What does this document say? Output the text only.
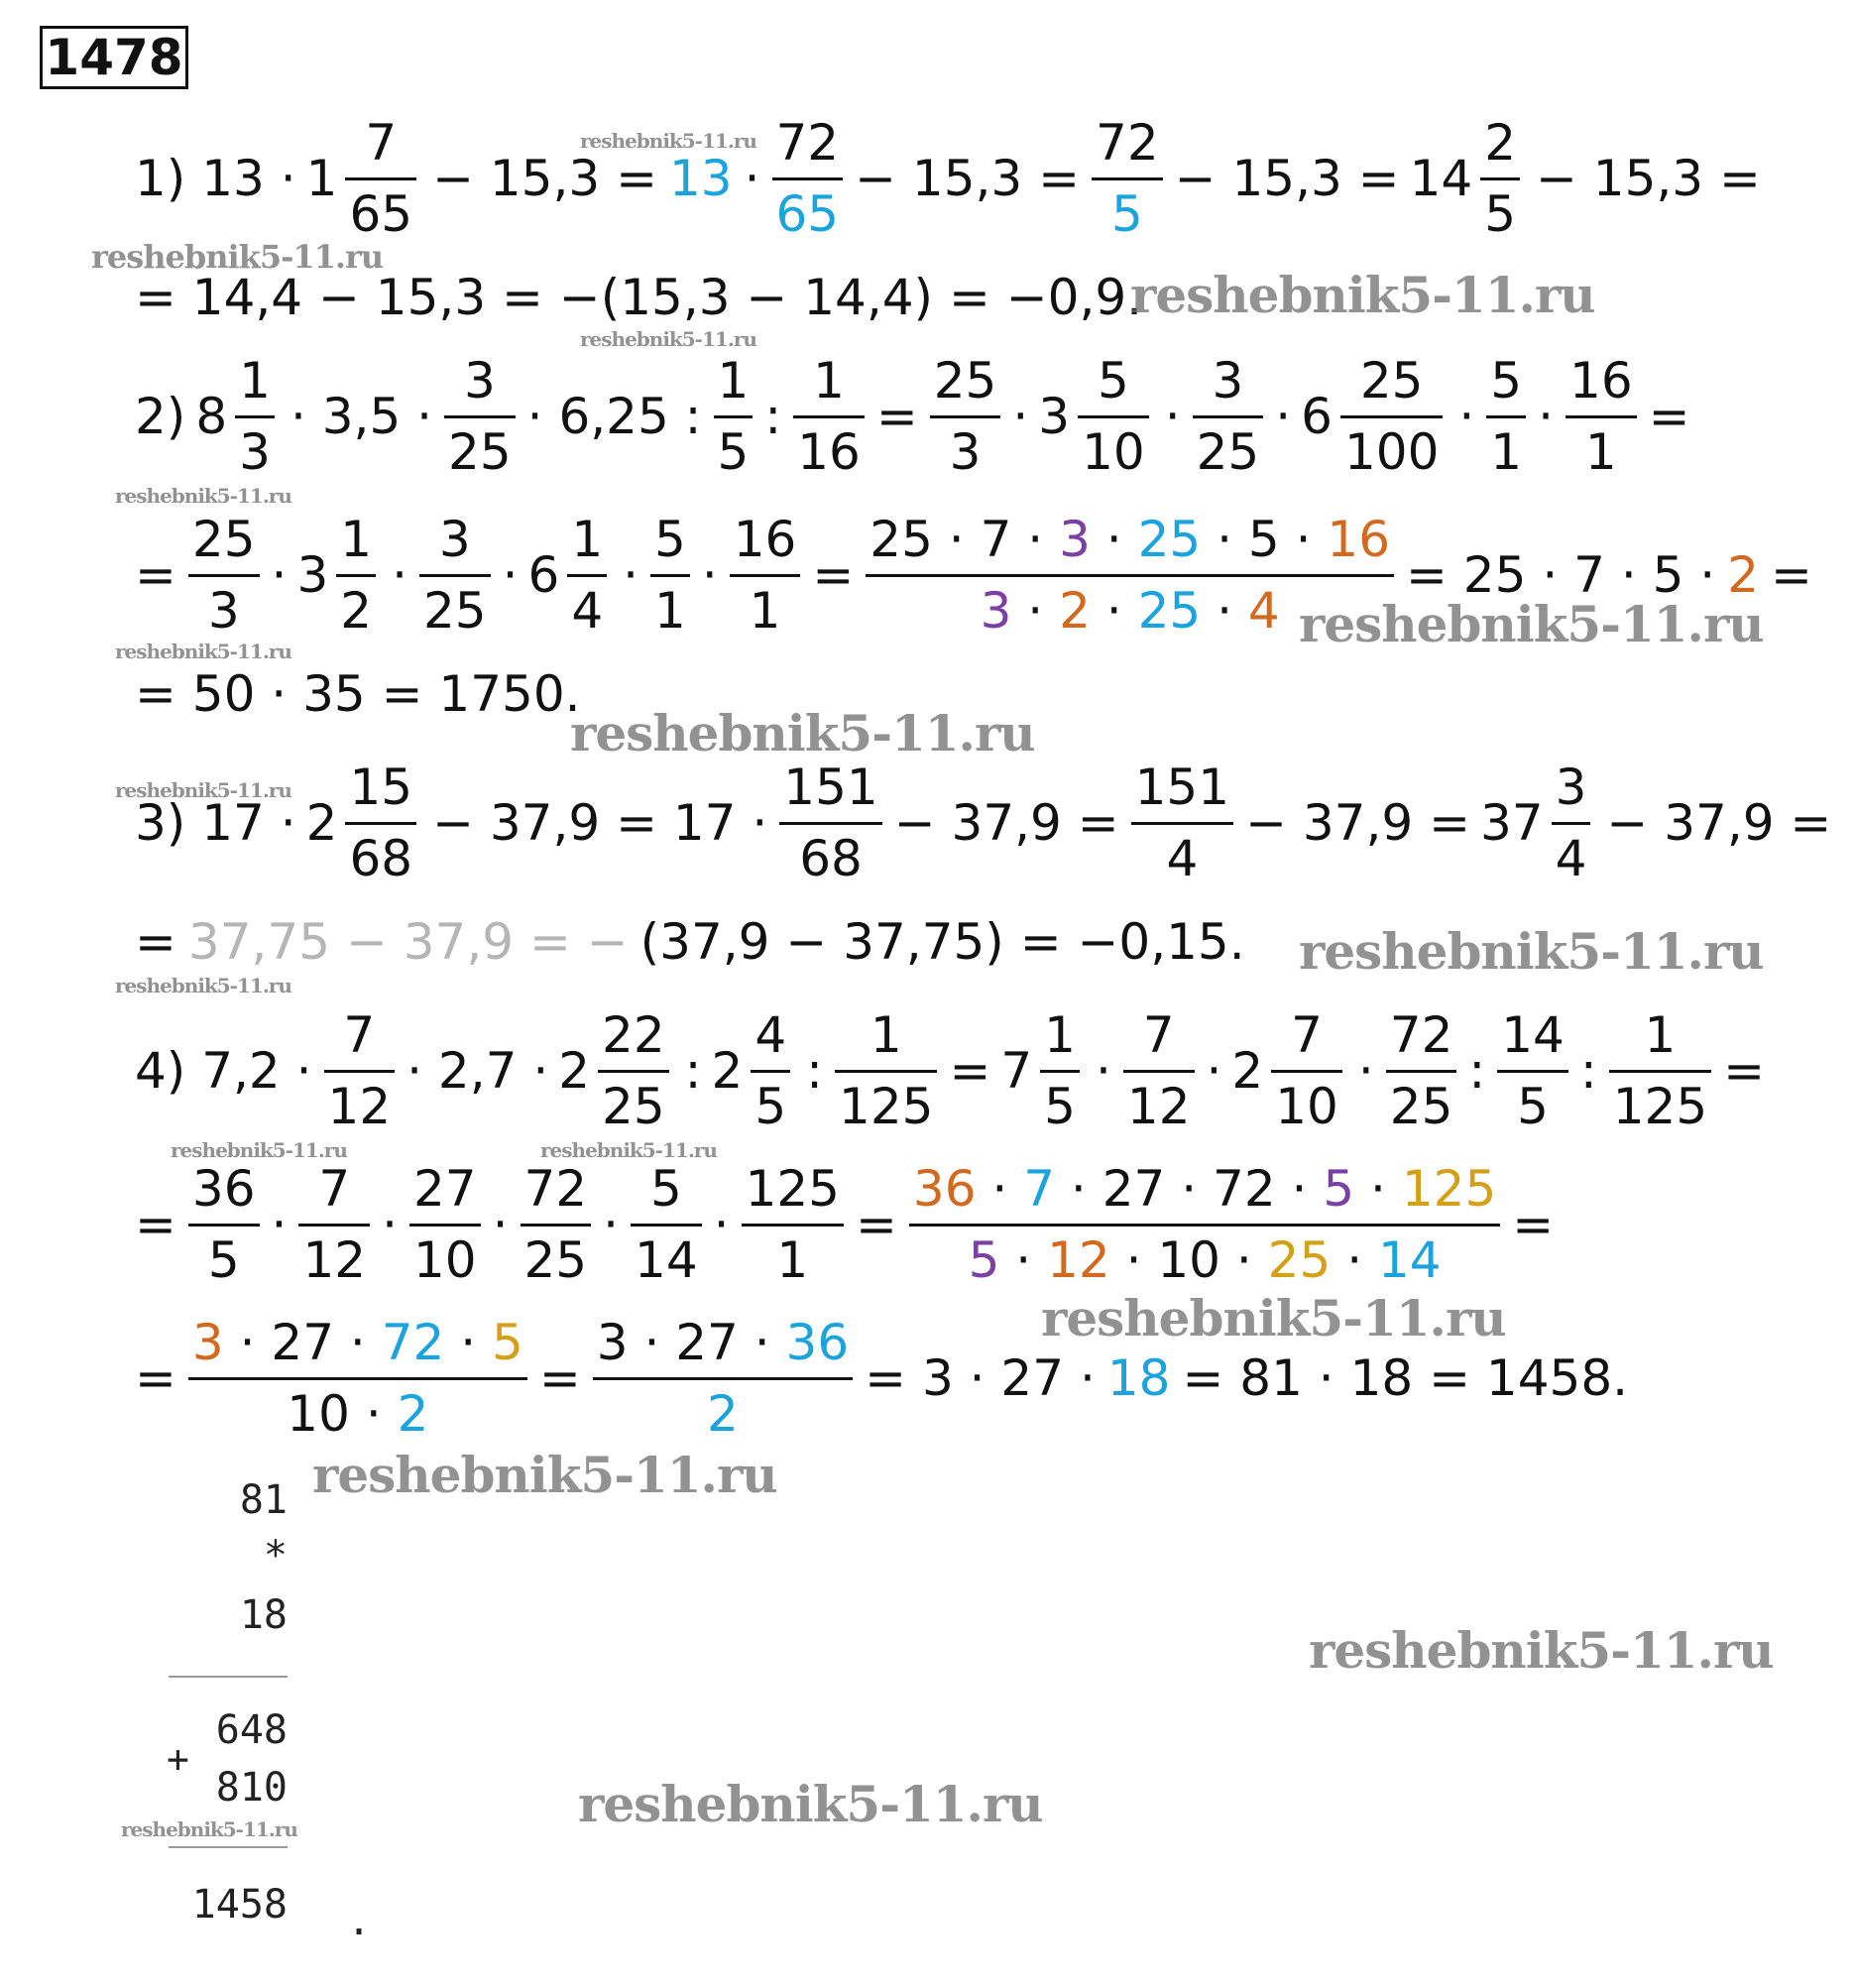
1478
1) $13 \cdot 1 \frac{7}{65} - 15,3 = 13 \cdot \frac{72}{65} - 15,3 = \frac{72}{5} - 15,3 = 14 \frac{2}{5} - 15,3$ =
= 14,4 − 15,3 = −(15,3 − 14,4) = −0,9.
2) $8 \frac{1}{3} \cdot 3,5 \cdot \frac{3}{25} \cdot 6,25$ : $\frac{1}{5}$ : $\frac{1}{16} = \frac{25}{3} \cdot 3 \frac{5}{10} \cdot \frac{3}{25} \cdot 6 \frac{25}{100} \cdot \frac{5}{1} \cdot \frac{16}{1}$ =
= $\frac{25}{3} \cdot 3 \frac{1}{2} \cdot \frac{3}{25} \cdot 6 \frac{1}{4} \cdot \frac{5}{1} \cdot \frac{16}{1} = \frac{25 \cdot 7 \cdot 3 \cdot 25 \cdot 5 \cdot 16}{3 \cdot 2 \cdot 25 \cdot 4} = 25 \cdot 7 \cdot 5 \cdot 2$ =
= 50 · 35 = 1750.
3) $17 \cdot 2 \frac{15}{68} - 37,9 = 17 \cdot \frac{151}{68} - 37,9 = \frac{151}{4} - 37,9 = 37 \frac{3}{4} - 37,9$ =
= 37,75 − 37,9 = − (37,9 − 37,75) = −0,15.
4) $7,2 \cdot \frac{7}{12} \cdot 2,7 \cdot 2 \frac{22}{25}$ : $2 \frac{4}{5}$ : $\frac{1}{125} = 7 \frac{1}{5} \cdot \frac{7}{12} \cdot 2 \frac{7}{10} \cdot \frac{72}{25}$ : $\frac{14}{5}$ : $\frac{1}{125}$ =
= $\frac{36}{5} \cdot \frac{7}{12} \cdot \frac{27}{10} \cdot \frac{72}{25} \cdot \frac{5}{14} \cdot \frac{125}{1} = \frac{36 \cdot 7 \cdot 27 \cdot 72 \cdot 5 \cdot 125}{5 \cdot 12 \cdot 10 \cdot 25 \cdot 14}$ =
= $\frac{3 \cdot 27 \cdot 72 \cdot 5}{10 \cdot 2} = \frac{3 \cdot 27 \cdot 36}{2} = 3 \cdot 27 \cdot 18 = 81 \cdot 18 = 1458$.
81
*
18
648
+
810
1458 .
reshebnik5-11.ru
reshebnik5-11.ru
reshebnik5-11.ru
reshebnik5-11.ru
reshebnik5-11.ru
reshebnik5-11.ru
reshebnik5-11.ru
reshebnik5-11.ru
reshebnik5-11.ru
reshebnik5-11.ru
reshebnik5-11.ru
reshebnik5-11.ru	reshebnik5-11.ru
reshebnik5-11.ru
reshebnik5-11.ru
reshebnik5-11.ru
reshebnik5-11.ru
reshebnik5-11.ru
